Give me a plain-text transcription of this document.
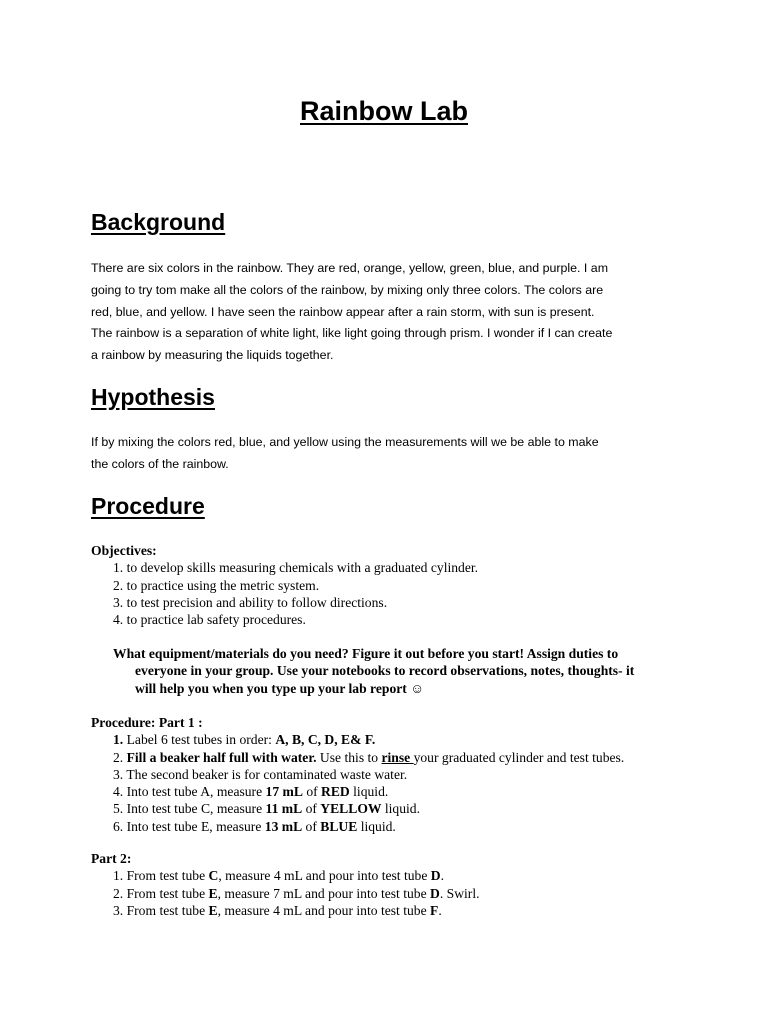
Rainbow Lab
Background
There are six colors in the rainbow. They are red, orange, yellow, green, blue, and purple. I am
going to try tom make all the colors of the rainbow, by mixing only three colors. The colors are
red, blue, and yellow. I have seen the rainbow appear after a rain storm, with sun is present.
The rainbow is a separation of white light, like light going through prism. I wonder if I can create
a rainbow by measuring the liquids together.
Hypothesis
If by mixing the colors red, blue, and yellow using the measurements will we be able to make
the colors of the rainbow.
Procedure
Objectives:
1. to develop skills measuring chemicals with a graduated cylinder.
2. to practice using the metric system.
3. to test precision and ability to follow directions.
4. to practice lab safety procedures.
What equipment/materials do you need? Figure it out before you start! Assign duties to
everyone in your group. Use your notebooks to record observations, notes, thoughts- it
will help you when you type up your lab report ☺
Procedure: Part 1 :
1. Label 6 test tubes in order: A, B, C, D, E& F.
2. Fill a beaker half full with water. Use this to rinse your graduated cylinder and test tubes.
3. The second beaker is for contaminated waste water.
4. Into test tube A, measure 17 mL of RED liquid.
5. Into test tube C, measure 11 mL of YELLOW liquid.
6. Into test tube E, measure 13 mL of BLUE liquid.
Part 2:
1. From test tube C, measure 4 mL and pour into test tube D.
2. From test tube E, measure 7 mL and pour into test tube D. Swirl.
3. From test tube E, measure 4 mL and pour into test tube F.
